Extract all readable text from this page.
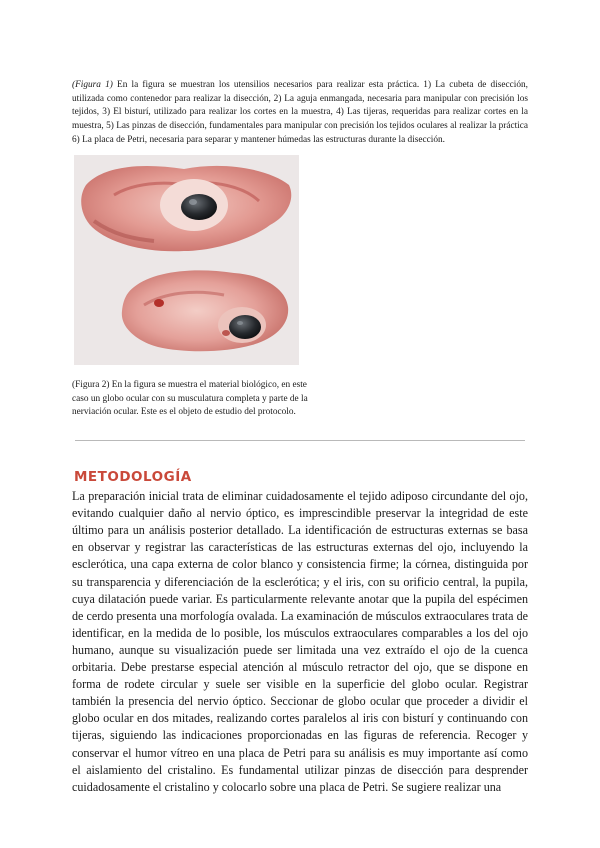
(Figura 1) En la figura se muestran los utensilios necesarios para realizar esta práctica. 1) La cubeta de disección, utilizada como contenedor para realizar la disección, 2) La aguja enmangada, necesaria para manipular con precisión los tejidos, 3) El bisturí, utilizado para realizar los cortes en la muestra, 4) Las tijeras, requeridas para realizar cortes en la muestra, 5) Las pinzas de disección, fundamentales para manipular con precisión los tejidos oculares al realizar la práctica 6) La placa de Petri, necesaria para separar y mantener húmedas las estructuras durante la disección.

(Figura 2) En la figura se muestra el material biológico, en este caso un globo ocular con su musculatura completa y parte de la nerviación ocular. Este es el objeto de estudio del protocolo.

METODOLOGÍA

La preparación inicial trata de eliminar cuidadosamente el tejido adiposo circundante del ojo, evitando cualquier daño al nervio óptico, es imprescindible preservar la integridad de este último para un análisis posterior detallado. La identificación de estructuras externas se basa en observar y registrar las características de las estructuras externas del ojo, incluyendo la esclerótica, una capa externa de color blanco y consistencia firme; la córnea, distinguida por su transparencia y diferenciación de la esclerótica; y el iris, con su orificio central, la pupila, cuya dilatación puede variar. Es particularmente relevante anotar que la pupila del espécimen de cerdo presenta una morfología ovalada. La examinación de músculos extraoculares trata de identificar, en la medida de lo posible, los músculos extraoculares comparables a los del ojo humano, aunque su visualización puede ser limitada una vez extraído el ojo de la cuenca orbitaria. Debe prestarse especial atención al músculo retractor del ojo, que se dispone en forma de rodete circular y suele ser visible en la superficie del globo ocular. Registrar también la presencia del nervio óptico. Seccionar de globo ocular que proceder a dividir el globo ocular en dos mitades, realizando cortes paralelos al iris con bisturí y continuando con tijeras, siguiendo las indicaciones proporcionadas en las figuras de referencia. Recoger y conservar el humor vítreo en una placa de Petri para su análisis es muy importante así como el aislamiento del cristalino. Es fundamental utilizar pinzas de disección para desprender cuidadosamente el cristalino y colocarlo sobre una placa de Petri. Se sugiere realizar una
